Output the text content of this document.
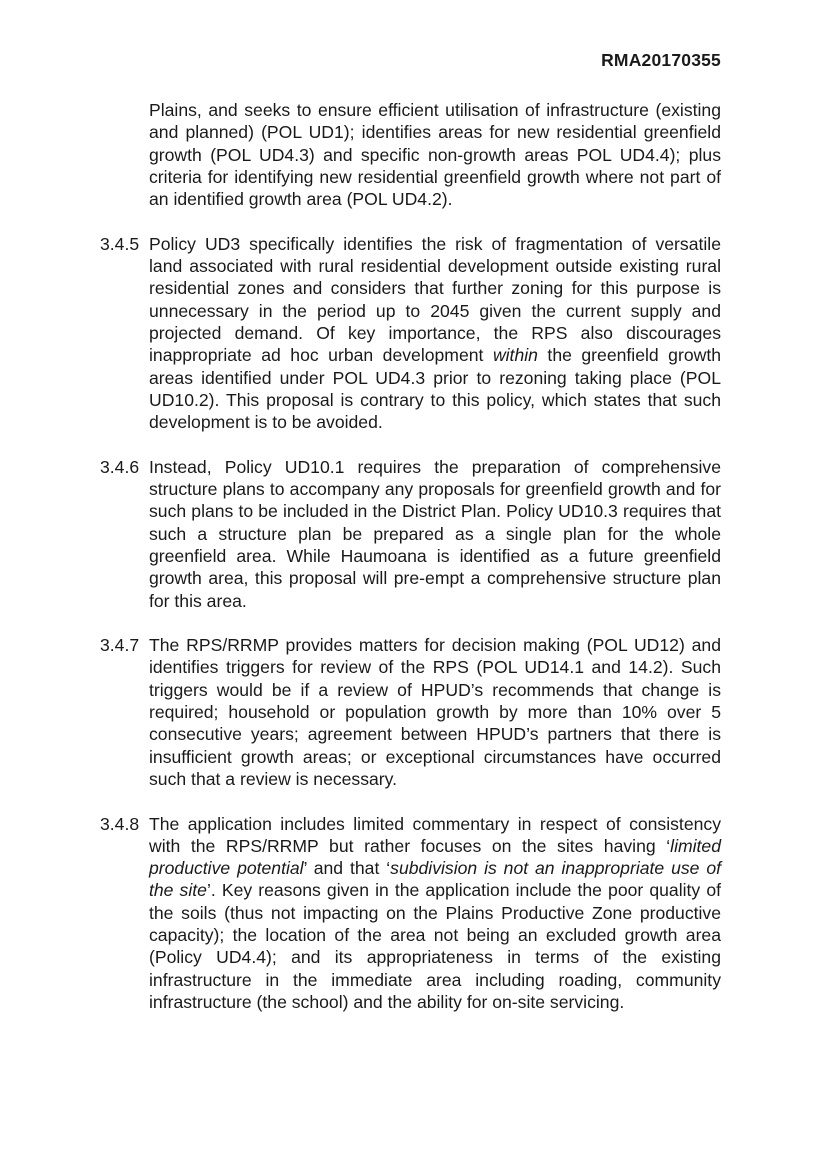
RMA20170355

Plains, and seeks to ensure efficient utilisation of infrastructure (existing and planned) (POL UD1); identifies areas for new residential greenfield growth (POL UD4.3) and specific non-growth areas POL UD4.4); plus criteria for identifying new residential greenfield growth where not part of an identified growth area (POL UD4.2).

3.4.5 Policy UD3 specifically identifies the risk of fragmentation of versatile land associated with rural residential development outside existing rural residential zones and considers that further zoning for this purpose is unnecessary in the period up to 2045 given the current supply and projected demand. Of key importance, the RPS also discourages inappropriate ad hoc urban development within the greenfield growth areas identified under POL UD4.3 prior to rezoning taking place (POL UD10.2). This proposal is contrary to this policy, which states that such development is to be avoided.

3.4.6 Instead, Policy UD10.1 requires the preparation of comprehensive structure plans to accompany any proposals for greenfield growth and for such plans to be included in the District Plan. Policy UD10.3 requires that such a structure plan be prepared as a single plan for the whole greenfield area. While Haumoana is identified as a future greenfield growth area, this proposal will pre-empt a comprehensive structure plan for this area.

3.4.7 The RPS/RRMP provides matters for decision making (POL UD12) and identifies triggers for review of the RPS (POL UD14.1 and 14.2). Such triggers would be if a review of HPUD’s recommends that change is required; household or population growth by more than 10% over 5 consecutive years; agreement between HPUD’s partners that there is insufficient growth areas; or exceptional circumstances have occurred such that a review is necessary.

3.4.8 The application includes limited commentary in respect of consistency with the RPS/RRMP but rather focuses on the sites having ‘limited productive potential’ and that ‘subdivision is not an inappropriate use of the site’. Key reasons given in the application include the poor quality of the soils (thus not impacting on the Plains Productive Zone productive capacity); the location of the area not being an excluded growth area (Policy UD4.4); and its appropriateness in terms of the existing infrastructure in the immediate area including roading, community infrastructure (the school) and the ability for on-site servicing.
